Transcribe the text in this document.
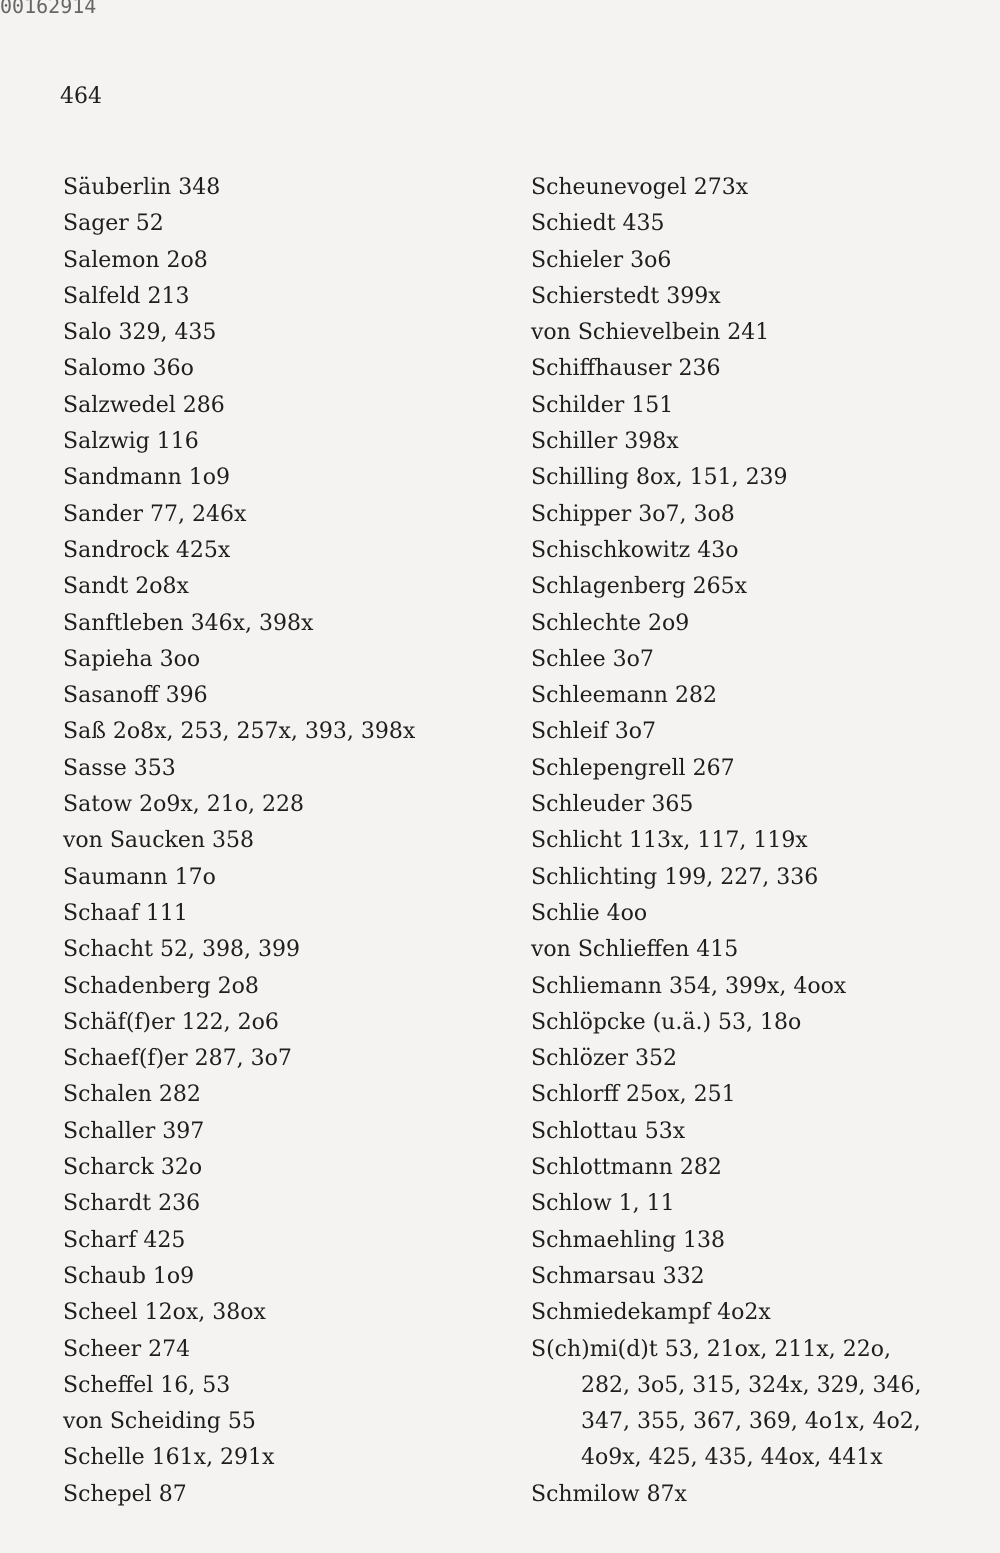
00162914
464
Säuberlin 348
Sager 52
Salemon 2o8
Salfeld 213
Salo 329, 435
Salomo 36o
Salzwedel 286
Salzwig 116
Sandmann 1o9
Sander 77, 246x
Sandrock 425x
Sandt 2o8x
Sanftleben 346x, 398x
Sapieha 3oo
Sasanoff 396
Saß 2o8x, 253, 257x, 393, 398x
Sasse 353
Satow 2o9x, 21o, 228
von Saucken 358
Saumann 17o
Schaaf 111
Schacht 52, 398, 399
Schadenberg 2o8
Schäf(f)er 122, 2o6
Schaef(f)er 287, 3o7
Schalen 282
Schaller 397
Scharck 32o
Schardt 236
Scharf 425
Schaub 1o9
Scheel 12ox, 38ox
Scheer 274
Scheffel 16, 53
von Scheiding 55
Schelle 161x, 291x
Schepel 87
Scheunevogel 273x
Schiedt 435
Schieler 3o6
Schierstedt 399x
von Schievelbein 241
Schiffhauser 236
Schilder 151
Schiller 398x
Schilling 8ox, 151, 239
Schipper 3o7, 3o8
Schischkowitz 43o
Schlagenberg 265x
Schlechte 2o9
Schlee 3o7
Schleemann 282
Schleif 3o7
Schlepengrell 267
Schleuder 365
Schlicht 113x, 117, 119x
Schlichting 199, 227, 336
Schlie 4oo
von Schlieffen 415
Schliemann 354, 399x, 4oox
Schlöpcke (u.ä.) 53, 18o
Schlözer 352
Schlorff 25ox, 251
Schlottau 53x
Schlottmann 282
Schlow 1, 11
Schmaehling 138
Schmarsau 332
Schmiedekampf 4o2x
S(ch)mi(d)t 53, 21ox, 211x, 22o,
282, 3o5, 315, 324x, 329, 346,
347, 355, 367, 369, 4o1x, 4o2,
4o9x, 425, 435, 44ox, 441x
Schmilow 87x
